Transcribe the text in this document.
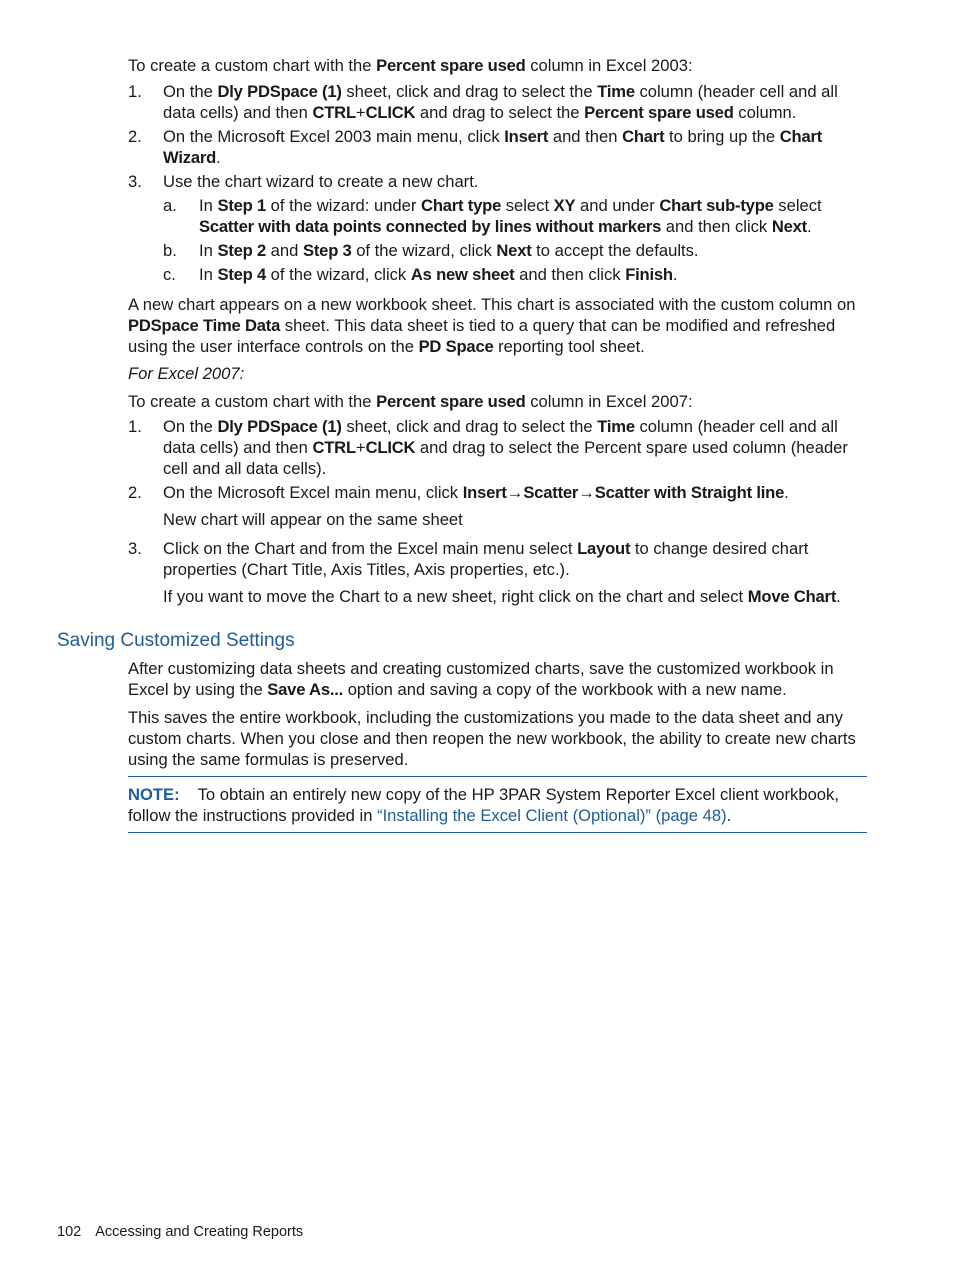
To create a custom chart with the Percent spare used column in Excel 2003:
1.	On the Dly PDSpace (1) sheet, click and drag to select the Time column (header cell and all data cells) and then CTRL+CLICK and drag to select the Percent spare used column.
2.	On the Microsoft Excel 2003 main menu, click Insert and then Chart to bring up the Chart Wizard.
3.	Use the chart wizard to create a new chart.
a.	In Step 1 of the wizard: under Chart type select XY and under Chart sub-type select Scatter with data points connected by lines without markers and then click Next.
b.	In Step 2 and Step 3 of the wizard, click Next to accept the defaults.
c.	In Step 4 of the wizard, click As new sheet and then click Finish.
A new chart appears on a new workbook sheet. This chart is associated with the custom column on PDSpace Time Data sheet. This data sheet is tied to a query that can be modified and refreshed using the user interface controls on the PD Space reporting tool sheet.
For Excel 2007:
To create a custom chart with the Percent spare used column in Excel 2007:
1.	On the Dly PDSpace (1) sheet, click and drag to select the Time column (header cell and all data cells) and then CTRL+CLICK and drag to select the Percent spare used column (header cell and all data cells).
2.	On the Microsoft Excel main menu, click Insert→Scatter→Scatter with Straight line.
New chart will appear on the same sheet
3.	Click on the Chart and from the Excel main menu select Layout to change desired chart properties (Chart Title, Axis Titles, Axis properties, etc.).
If you want to move the Chart to a new sheet, right click on the chart and select Move Chart.
Saving Customized Settings
After customizing data sheets and creating customized charts, save the customized workbook in Excel by using the Save As... option and saving a copy of the workbook with a new name.
This saves the entire workbook, including the customizations you made to the data sheet and any custom charts. When you close and then reopen the new workbook, the ability to create new charts using the same formulas is preserved.
NOTE: To obtain an entirely new copy of the HP 3PAR System Reporter Excel client workbook, follow the instructions provided in “Installing the Excel Client (Optional)” (page 48).
102 Accessing and Creating Reports
